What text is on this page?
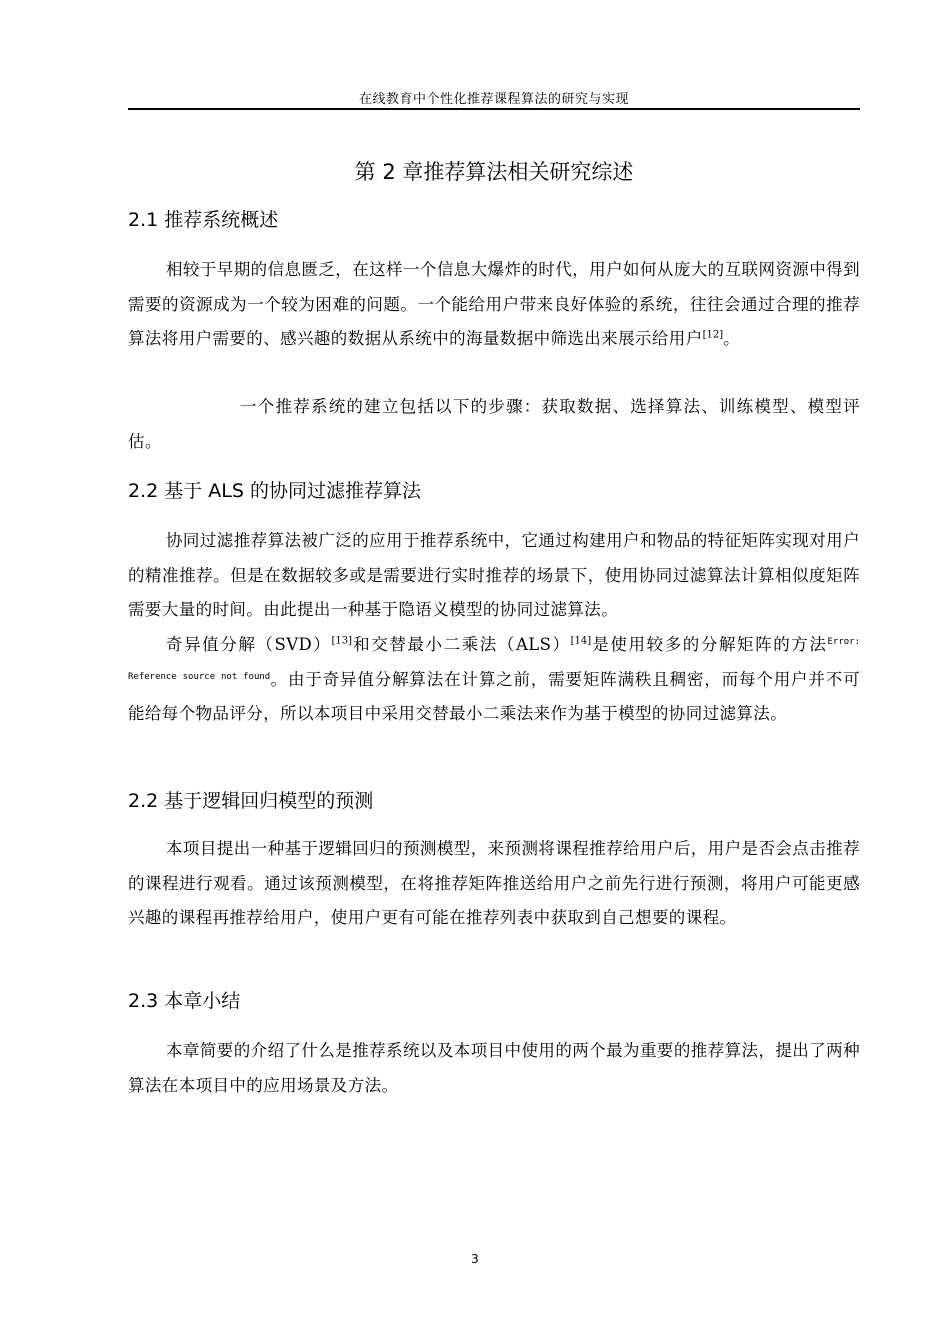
在线教育中个性化推荐课程算法的研究与实现
第 2 章推荐算法相关研究综述
2.1 推荐系统概述

相较于早期的信息匮乏，在这样一个信息大爆炸的时代，用户如何从庞大的互联网资源中得到需要的资源成为一个较为困难的问题。一个能给用户带来良好体验的系统，往往会通过合理的推荐算法将用户需要的、感兴趣的数据从系统中的海量数据中筛选出来展示给用户[12]。

一个推荐系统的建立包括以下的步骤：获取数据、选择算法、训练模型、模型评估。

2.2 基于 ALS 的协同过滤推荐算法

协同过滤推荐算法被广泛的应用于推荐系统中，它通过构建用户和物品的特征矩阵实现对用户的精准推荐。但是在数据较多或是需要进行实时推荐的场景下，使用协同过滤算法计算相似度矩阵需要大量的时间。由此提出一种基于隐语义模型的协同过滤算法。

奇异值分解（SVD）[13]和交替最小二乘法（ALS）[14]是使用较多的分解矩阵的方法$^{Error: Reference source not found}$。由于奇异值分解算法在计算之前，需要矩阵满秩且稠密，而每个用户并不可能给每个物品评分，所以本项目中采用交替最小二乘法来作为基于模型的协同过滤算法。

2.2 基于逻辑回归模型的预测

本项目提出一种基于逻辑回归的预测模型，来预测将课程推荐给用户后，用户是否会点击推荐的课程进行观看。通过该预测模型，在将推荐矩阵推送给用户之前先行进行预测，将用户可能更感兴趣的课程再推荐给用户，使用户更有可能在推荐列表中获取到自己想要的课程。

2.3 本章小结

本章简要的介绍了什么是推荐系统以及本项目中使用的两个最为重要的推荐算法，提出了两种算法在本项目中的应用场景及方法。

3
